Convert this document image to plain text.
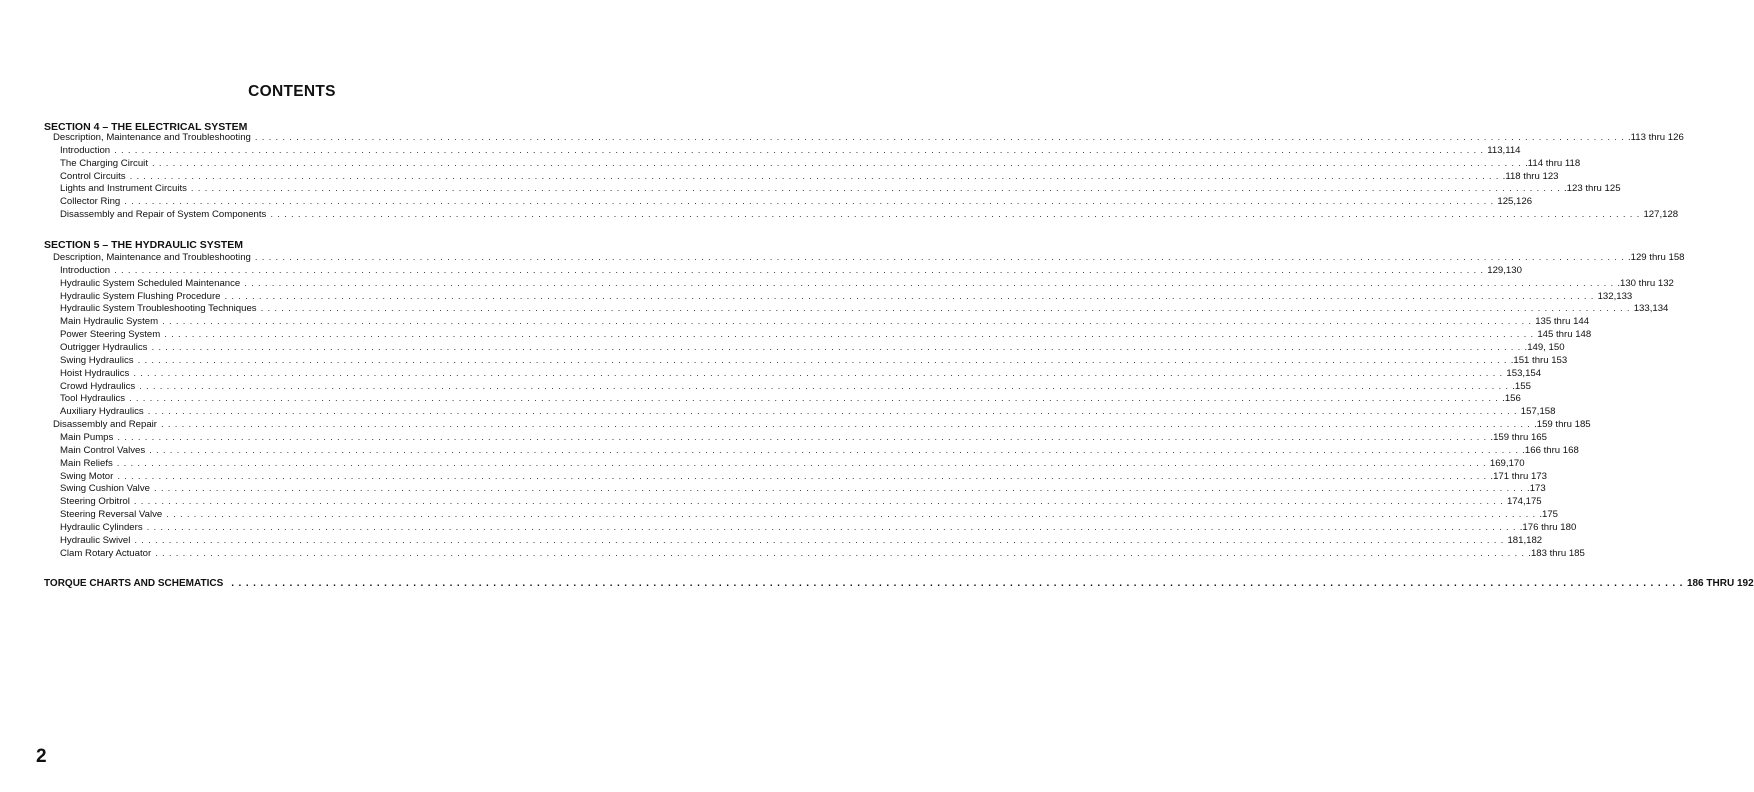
CONTENTS
SECTION 4 – THE ELECTRICAL SYSTEM
Description, Maintenance and Troubleshooting ........................................................................................................................................................................................................ .113 thru 126
Introduction ........................................................................................................................................................................................................ 113,114
The Charging Circuit ........................................................................................................................................................................................................ .114 thru 118
Control Circuits ........................................................................................................................................................................................................ .118 thru 123
Lights and Instrument Circuits ........................................................................................................................................................................................................ .123 thru 125
Collector Ring ........................................................................................................................................................................................................ 125,126
Disassembly and Repair of System Components ........................................................................................................................................................................................................ 127,128
SECTION 5 – THE HYDRAULIC SYSTEM
Description, Maintenance and Troubleshooting ........................................................................................................................................................................................................ .129 thru 158
Introduction ........................................................................................................................................................................................................ 129,130
Hydraulic System Scheduled Maintenance ........................................................................................................................................................................................................ .130 thru 132
Hydraulic System Flushing Procedure ........................................................................................................................................................................................................ 132,133
Hydraulic System Troubleshooting Techniques ........................................................................................................................................................................................................ 133,134
Main Hydraulic System ........................................................................................................................................................................................................ 135 thru 144
Power Steering System ........................................................................................................................................................................................................ 145 thru 148
Outrigger Hydraulics ........................................................................................................................................................................................................ .149, 150
Swing Hydraulics ........................................................................................................................................................................................................ .151 thru 153
Hoist Hydraulics ........................................................................................................................................................................................................ 153,154
Crowd Hydraulics ........................................................................................................................................................................................................ .155
Tool Hydraulics ........................................................................................................................................................................................................ .156
Auxiliary Hydraulics ........................................................................................................................................................................................................ 157,158
Disassembly and Repair ........................................................................................................................................................................................................ .159 thru 185
Main Pumps ........................................................................................................................................................................................................ .159 thru 165
Main Control Valves ........................................................................................................................................................................................................ .166 thru 168
Main Reliefs ........................................................................................................................................................................................................ 169,170
Swing Motor ........................................................................................................................................................................................................ .171 thru 173
Swing Cushion Valve ........................................................................................................................................................................................................ .173
Steering Orbitrol ........................................................................................................................................................................................................ 174,175
Steering Reversal Valve ........................................................................................................................................................................................................ .175
Hydraulic Cylinders ........................................................................................................................................................................................................ .176 thru 180
Hydraulic Swivel ........................................................................................................................................................................................................ 181,182
Clam Rotary Actuator ........................................................................................................................................................................................................ .183 thru 185
TORQUE CHARTS AND SCHEMATICS ........................................................................................................................................................................................................ 186 THRU 192
2
